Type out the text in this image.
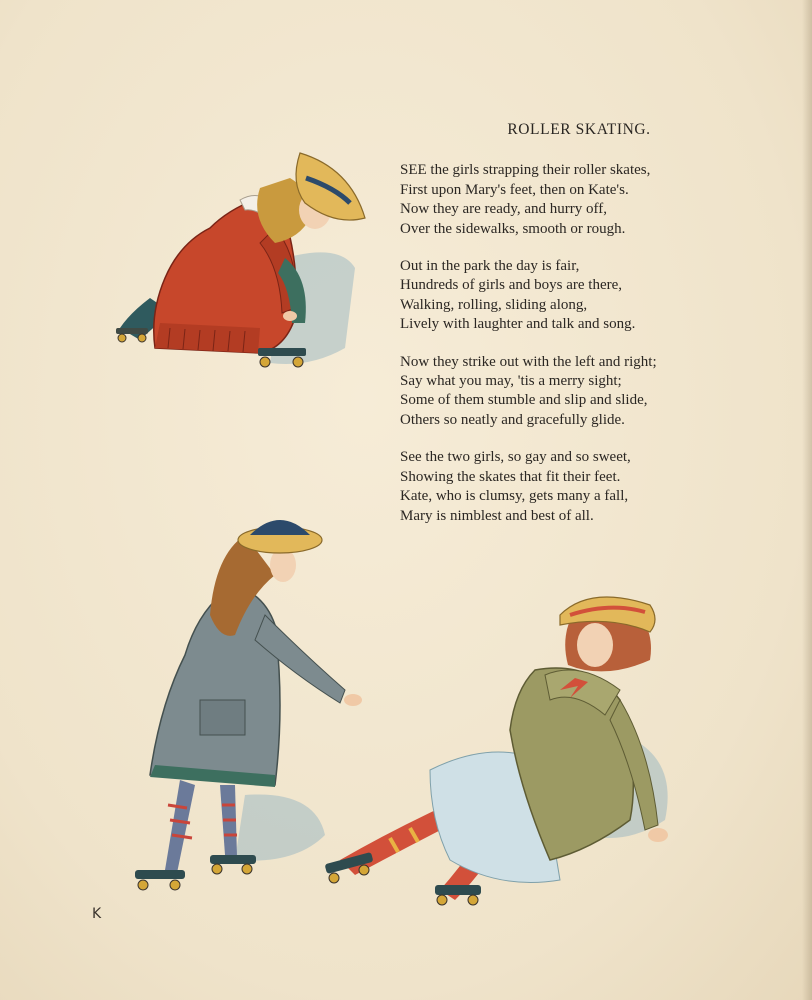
ROLLER SKATING.
SEE the girls strapping their roller skates,
First upon Mary's feet, then on Kate's.
Now they are ready, and hurry off,
Over the sidewalks, smooth or rough.
Out in the park the day is fair,
Hundreds of girls and boys are there,
Walking, rolling, sliding along,
Lively with laughter and talk and song.
Now they strike out with the left and right;
Say what you may, 'tis a merry sight;
Some of them stumble and slip and slide,
Others so neatly and gracefully glide.
See the two girls, so gay and so sweet,
Showing the skates that fit their feet.
Kate, who is clumsy, gets many a fall,
Mary is nimblest and best of all.
K
